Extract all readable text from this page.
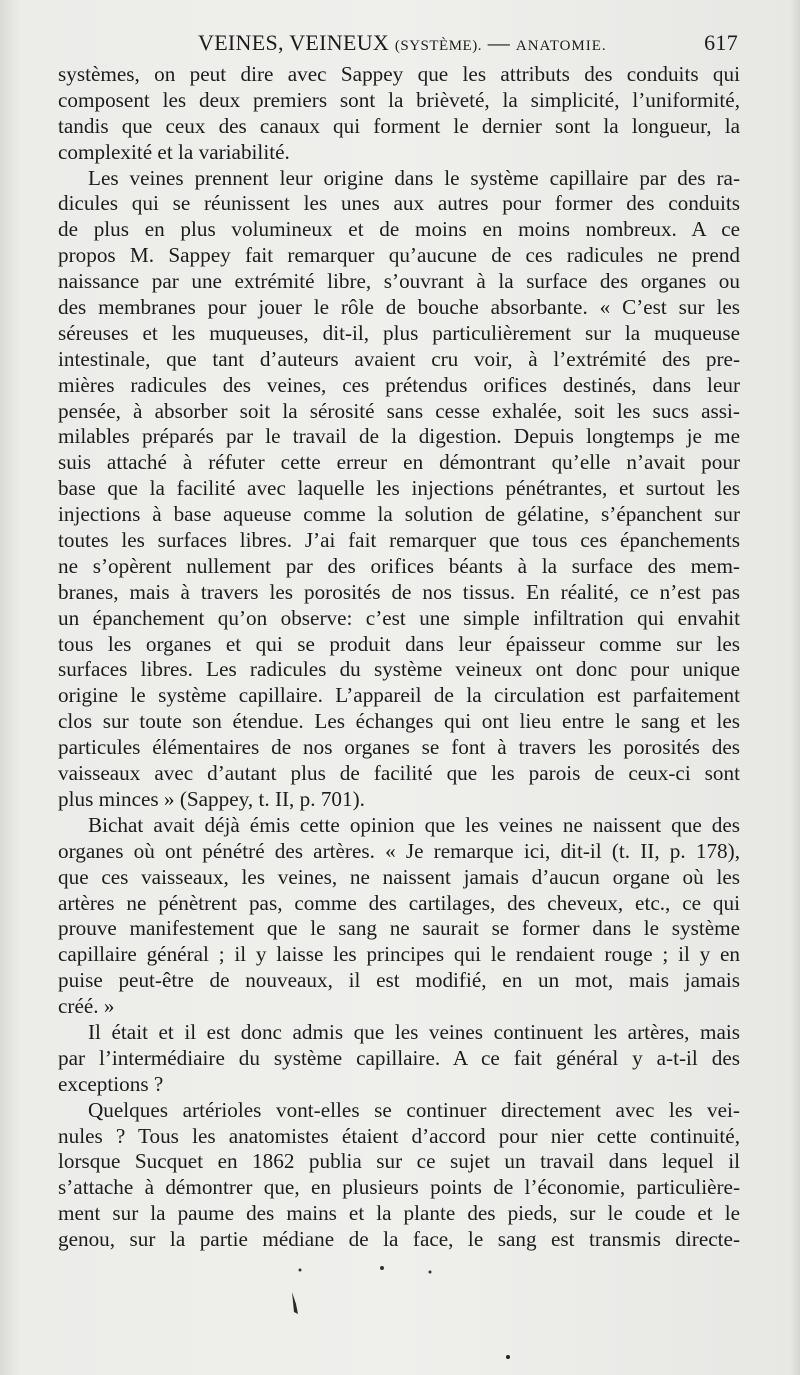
VEINES, VEINEUX (SYSTÈME). — ANATOMIE.	617
systèmes, on peut dire avec Sappey que les attributs des conduits qui
composent les deux premiers sont la brièveté, la simplicité, l’uniformité,
tandis que ceux des canaux qui forment le dernier sont la longueur, la
complexité et la variabilité.
Les veines prennent leur origine dans le système capillaire par des ra-
dicules qui se réunissent les unes aux autres pour former des conduits
de plus en plus volumineux et de moins en moins nombreux. A ce
propos M. Sappey fait remarquer qu’aucune de ces radicules ne prend
naissance par une extrémité libre, s’ouvrant à la surface des organes ou
des membranes pour jouer le rôle de bouche absorbante. « C’est sur les
séreuses et les muqueuses, dit-il, plus particulièrement sur la muqueuse
intestinale, que tant d’auteurs avaient cru voir, à l’extrémité des pre-
mières radicules des veines, ces prétendus orifices destinés, dans leur
pensée, à absorber soit la sérosité sans cesse exhalée, soit les sucs assi-
milables préparés par le travail de la digestion. Depuis longtemps je me
suis attaché à réfuter cette erreur en démontrant qu’elle n’avait pour
base que la facilité avec laquelle les injections pénétrantes, et surtout les
injections à base aqueuse comme la solution de gélatine, s’épanchent sur
toutes les surfaces libres. J’ai fait remarquer que tous ces épanchements
ne s’opèrent nullement par des orifices béants à la surface des mem-
branes, mais à travers les porosités de nos tissus. En réalité, ce n’est pas
un épanchement qu’on observe: c’est une simple infiltration qui envahit
tous les organes et qui se produit dans leur épaisseur comme sur les
surfaces libres. Les radicules du système veineux ont donc pour unique
origine le système capillaire. L’appareil de la circulation est parfaitement
clos sur toute son étendue. Les échanges qui ont lieu entre le sang et les
particules élémentaires de nos organes se font à travers les porosités des
vaisseaux avec d’autant plus de facilité que les parois de ceux-ci sont
plus minces » (Sappey, t. II, p. 701).
Bichat avait déjà émis cette opinion que les veines ne naissent que des
organes où ont pénétré des artères. « Je remarque ici, dit-il (t. II, p. 178),
que ces vaisseaux, les veines, ne naissent jamais d’aucun organe où les
artères ne pénètrent pas, comme des cartilages, des cheveux, etc., ce qui
prouve manifestement que le sang ne saurait se former dans le système
capillaire général ; il y laisse les principes qui le rendaient rouge ; il y en
puise peut-être de nouveaux, il est modifié, en un mot, mais jamais
créé. »
Il était et il est donc admis que les veines continuent les artères, mais
par l’intermédiaire du système capillaire. A ce fait général y a-t-il des
exceptions ?
Quelques artérioles vont-elles se continuer directement avec les vei-
nules ? Tous les anatomistes étaient d’accord pour nier cette continuité,
lorsque Sucquet en 1862 publia sur ce sujet un travail dans lequel il
s’attache à démontrer que, en plusieurs points de l’économie, particulière-
ment sur la paume des mains et la plante des pieds, sur le coude et le
genou, sur la partie médiane de la face, le sang est transmis directe-
